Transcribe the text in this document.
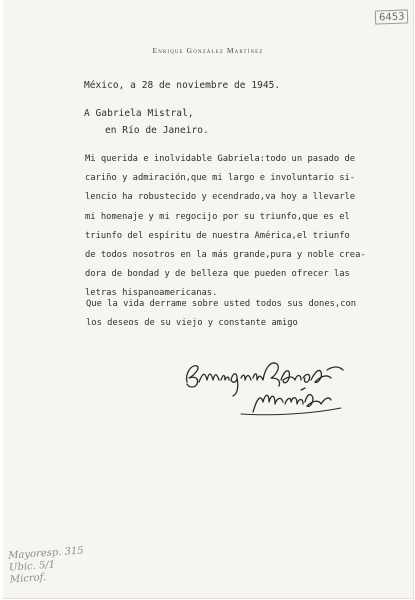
6453
Enrique González Martínez
México, a 28 de noviembre de 1945.
A Gabriela Mistral,
en Río de Janeiro.
Mi querida e inolvidable Gabriela:todo un pasado de
cariño y admiración,que mi largo e involuntario si-
lencio ha robustecido y ecendrado,va hoy a llevarle
mi homenaje y mi regocijo por su triunfo,que es el
triunfo del espíritu de nuestra América,el triunfo
de todos nosotros en la más grande,pura y noble crea-
dora de bondad y de belleza que pueden ofrecer las
letras hispanoamericanas.
Que la vida derrame sobre usted todos sus dones,con
los deseos de su viejo y constante amigo
Mayoresp. 315
Ubic. 5/1
Microf.
